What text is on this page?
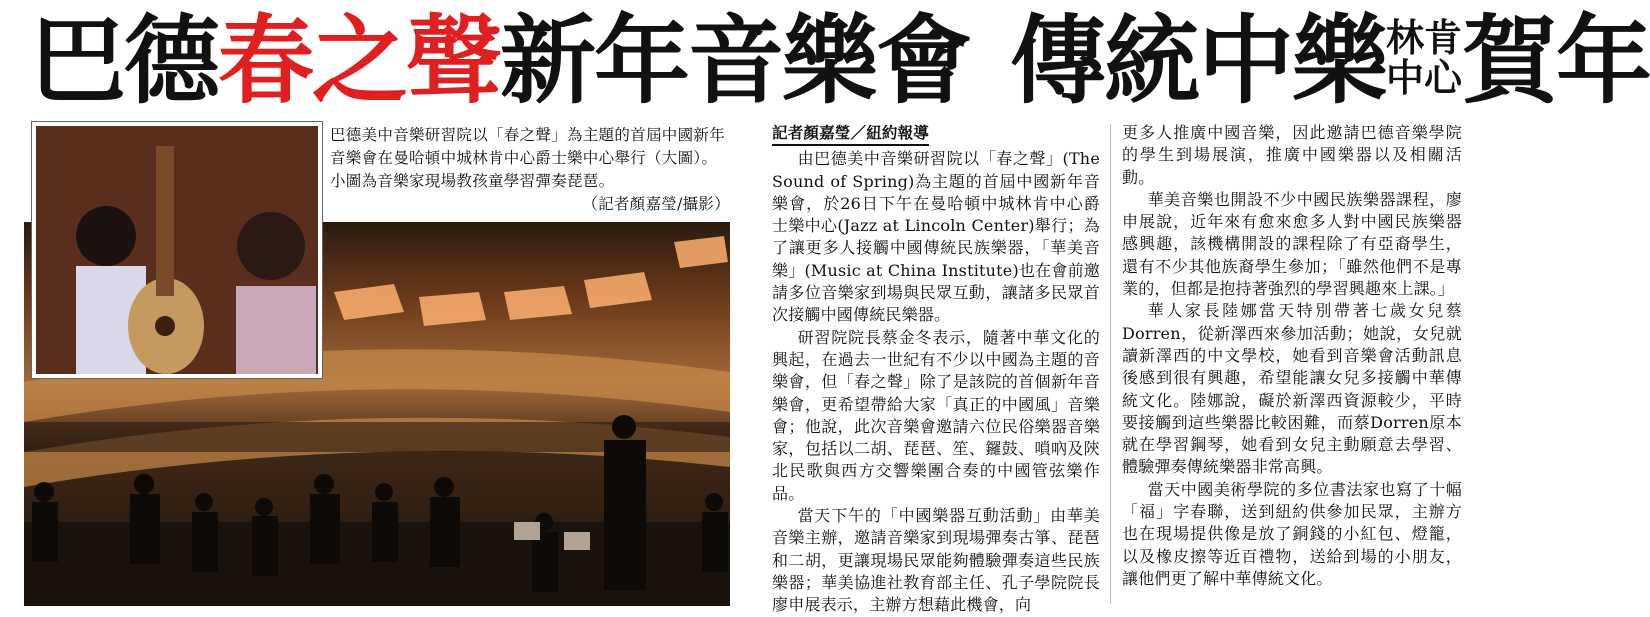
巴德春之聲新年音樂會 傳統中樂 林 肯
中 心 賀年
巴德美中音樂研習院以「春之聲」為主題的首屆中國新年音樂會在曼哈頓中城林肯中心爵士樂中心舉行（大圖）。小圖為音樂家現場教孩童學習彈奏琵琶。
（記者顏嘉瑩/攝影）
記者顏嘉瑩／紐約報導

由巴德美中音樂研習院以「春之聲」(The Sound of Spring)為主題的首屆中國新年音樂會，於26日下午在曼哈頓中城林肯中心爵士樂中心(Jazz at Lincoln Center)舉行；為了讓更多人接觸中國傳統民族樂器，「華美音樂」(Music at China Institute)也在會前邀請多位音樂家到場與民眾互動，讓諸多民眾首次接觸中國傳統民樂器。

研習院院長蔡金冬表示，隨著中華文化的興起，在過去一世紀有不少以中國為主題的音樂會，但「春之聲」除了是該院的首個新年音樂會，更希望帶給大家「真正的中國風」音樂會；他說，此次音樂會邀請六位民俗樂器音樂家，包括以二胡、琵琶、笙、鑼鼓、嗩吶及陝北民歌與西方交響樂團合奏的中國管弦樂作品。

當天下午的「中國樂器互動活動」由華美音樂主辦，邀請音樂家到現場彈奏古箏、琵琶和二胡，更讓現場民眾能夠體驗彈奏這些民族樂器；華美協進社教育部主任、孔子學院院長廖申展表示，主辦方想藉此機會，向

更多人推廣中國音樂，因此邀請巴德音樂學院的學生到場展演，推廣中國樂器以及相關活動。

華美音樂也開設不少中國民族樂器課程，廖申展說，近年來有愈來愈多人對中國民族樂器感興趣，該機構開設的課程除了有亞裔學生，還有不少其他族裔學生參加；「雖然他們不是專業的，但都是抱持著強烈的學習興趣來上課。」

華人家長陸娜當天特別帶著七歲女兒蔡Dorren，從新澤西來參加活動；她說，女兒就讀新澤西的中文學校，她看到音樂會活動訊息後感到很有興趣，希望能讓女兒多接觸中華傳統文化。陸娜說，礙於新澤西資源較少，平時要接觸到這些樂器比較困難，而蔡Dorren原本就在學習鋼琴，她看到女兒主動願意去學習、體驗彈奏傳統樂器非常高興。

當天中國美術學院的多位書法家也寫了十幅「福」字春聯，送到紐約供參加民眾，主辦方也在現場提供像是放了銅錢的小紅包、燈籠，以及橡皮擦等近百禮物，送給到場的小朋友，讓他們更了解中華傳統文化。
